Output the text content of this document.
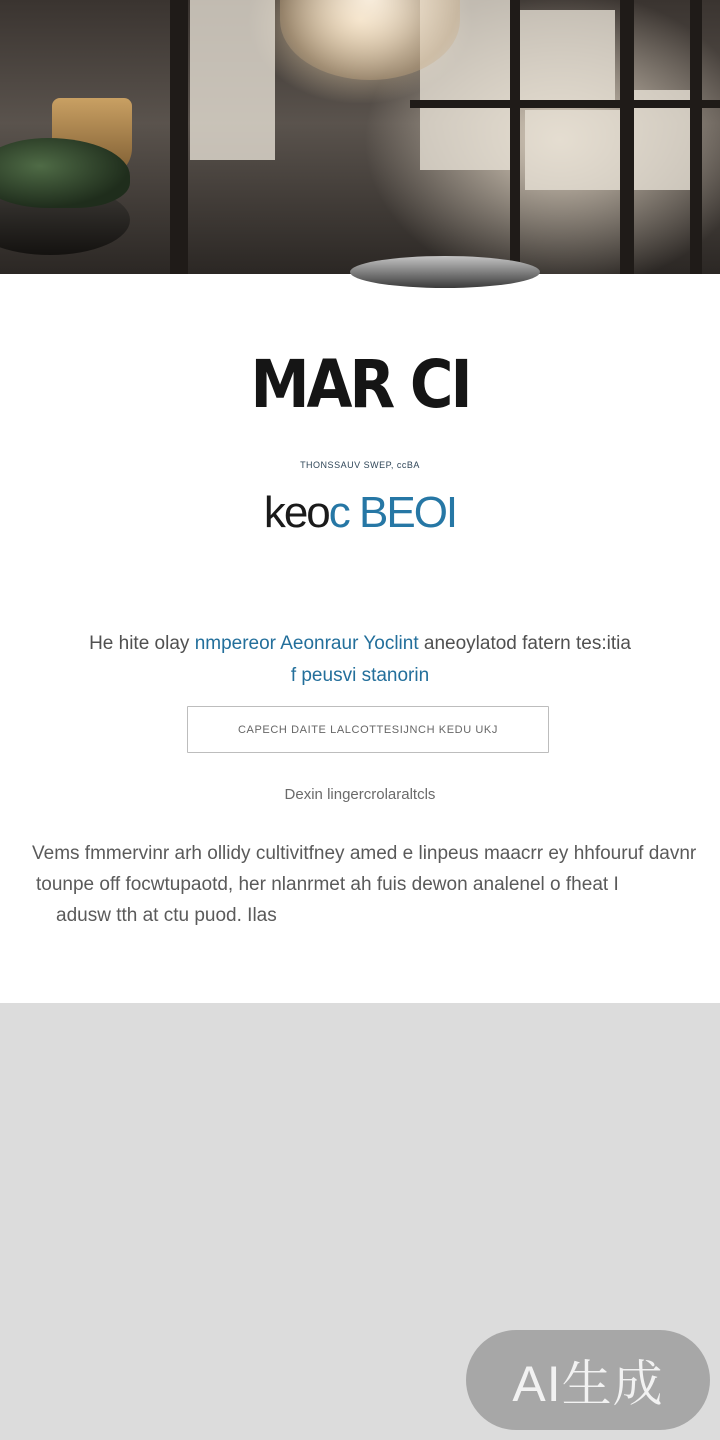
MAR CI
THONSSAUV SWEP, ccBA
keoc BEOI

He hite olay nmpereor Aeonraur Yoclint aneoylatod fatern tes:itia
f peusvi stanorin

CAPECH DAITE LALCOTTESIJNCH KEDU UKJ
Dexin lingercrolaraltcls

Vems fmmervinr arh ollidy cultivitfney amed e linpeus maacrr ey hhfouruf davnr
tounpe off focwtupaotd, her nlanrmet ah fuis dewon analenel o fheat I
adusw tth at ctu puod. Ilas

AI生成
